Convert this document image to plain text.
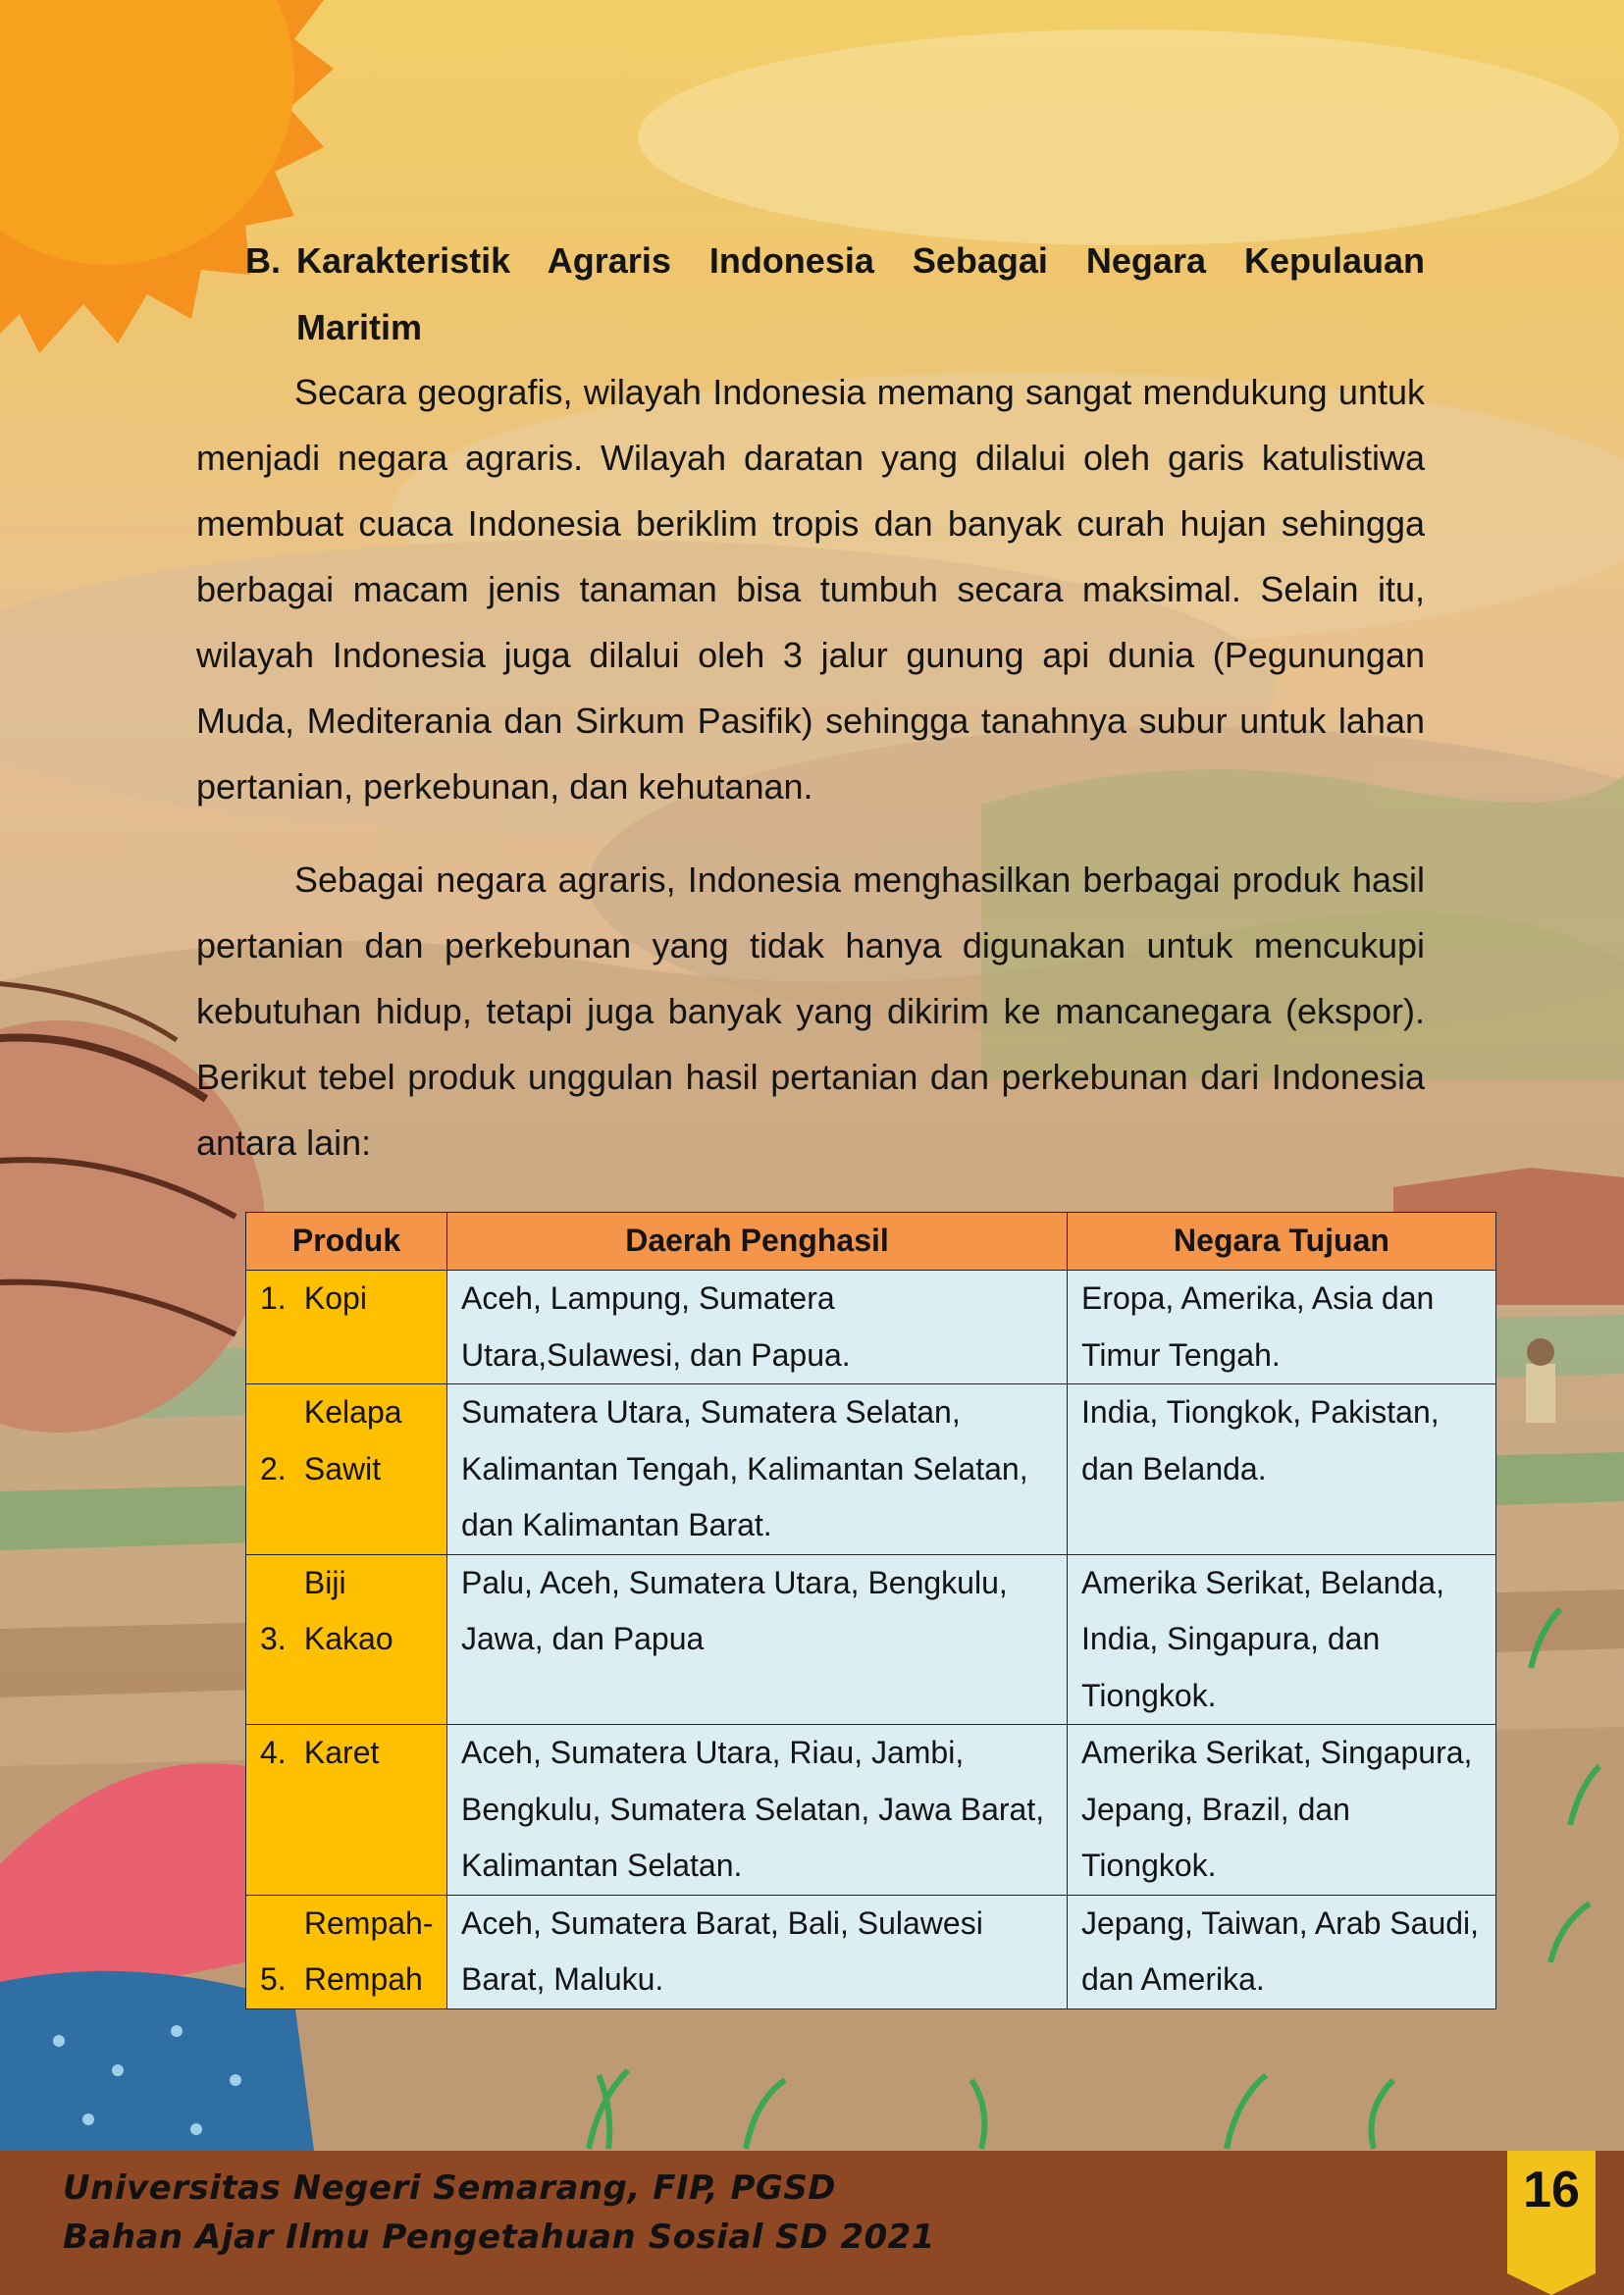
B. Karakteristik Agraris Indonesia Sebagai Negara Kepulauan
Maritim

Secara geografis, wilayah Indonesia memang sangat mendukung untuk menjadi negara agraris. Wilayah daratan yang dilalui oleh garis katulistiwa membuat cuaca Indonesia beriklim tropis dan banyak curah hujan sehingga berbagai macam jenis tanaman bisa tumbuh secara maksimal. Selain itu, wilayah Indonesia juga dilalui oleh 3 jalur gunung api dunia (Pegunungan Muda, Mediterania dan Sirkum Pasifik) sehingga tanahnya subur untuk lahan pertanian, perkebunan, dan kehutanan.

Sebagai negara agraris, Indonesia menghasilkan berbagai produk hasil pertanian dan perkebunan yang tidak hanya digunakan untuk mencukupi kebutuhan hidup, tetapi juga banyak yang dikirim ke mancanegara (ekspor). Berikut tebel produk unggulan hasil pertanian dan perkebunan dari Indonesia antara lain:

Produk	Daerah Penghasil	Negara Tujuan
1. Kopi	Aceh, Lampung, Sumatera Utara,Sulawesi, dan Papua.	Eropa, Amerika, Asia dan Timur Tengah.
2. Kelapa Sawit	Sumatera Utara, Sumatera Selatan, Kalimantan Tengah, Kalimantan Selatan, dan Kalimantan Barat.	India, Tiongkok, Pakistan, dan Belanda.
3. Biji Kakao	Palu, Aceh, Sumatera Utara, Bengkulu, Jawa, dan Papua	Amerika Serikat, Belanda, India, Singapura, dan Tiongkok.
4. Karet	Aceh, Sumatera Utara, Riau, Jambi, Bengkulu, Sumatera Selatan, Jawa Barat, Kalimantan Selatan.	Amerika Serikat, Singapura, Jepang, Brazil, dan Tiongkok.
5. Rempah-Rempah	Aceh, Sumatera Barat, Bali, Sulawesi Barat, Maluku.	Jepang, Taiwan, Arab Saudi, dan Amerika.
Universitas Negeri Semarang, FIP, PGSD
Bahan Ajar Ilmu Pengetahuan Sosial SD 2021
16
